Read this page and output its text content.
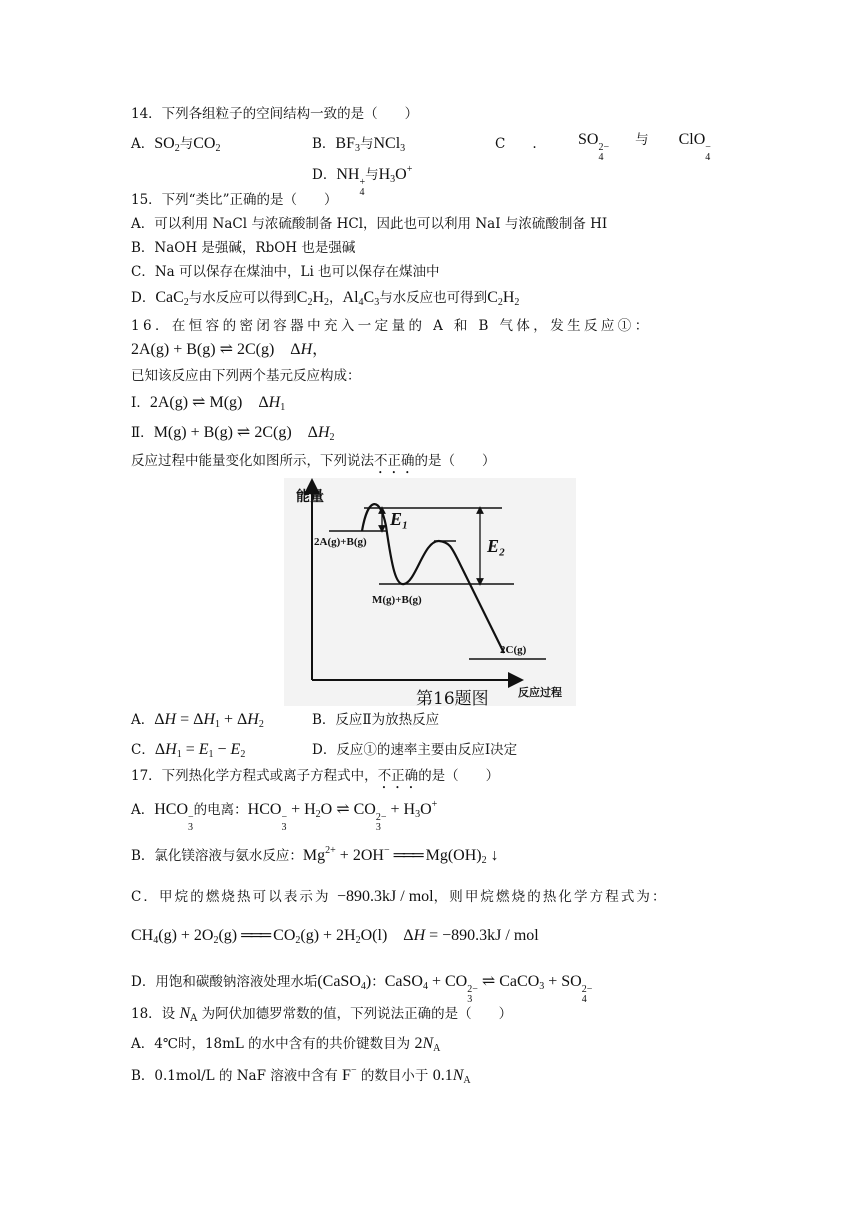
14．下列各组粒子的空间结构一致的是（　　）
A．$SO_2$与$CO_2$	B．$BF_3$与NCl$_3$	C　　.	SO 2−
4
与 ClO −
4
D．NH +
4
与$H_3O^+$
15．下列“类比”正确的是（　　）
A．可以利用 NaCl 与浓硫酸制备 HCl，因此也可以利用 NaI 与浓硫酸制备 HI
B．NaOH 是强碱，RbOH 也是强碱
C．Na 可以保存在煤油中，Li 也可以保存在煤油中
D．CaC$_2$与水反应可以得到$C_2H_2$，$Al_4C_3$与水反应也可得到$C_2H_2$
16．在恒容的密闭容器中充入一定量的 A 和 B 气体，发生反应①：
2A(g) + B(g) ⇌ 2C(g)　ΔH，
已知该反应由下列两个基元反应构成：
Ⅰ．2A(g) ⇌ M(g)　$\Delta H_1$
Ⅱ．M(g) + B(g) ⇌ 2C(g)　$\Delta H_2$
反应过程中能量变化如图所示，下列说法不正确的是（　　）
能量
2A(g)+B(g)
M(g)+B(g)
2C(g)
E₁
E₂
第16题图	反应过程
A．$\Delta H = \Delta H_1 + \Delta H_2$	B．反应Ⅱ为放热反应
C．$\Delta H_1 = E_1 - E_2$	D．反应①的速率主要由反应Ⅰ决定
17．下列热化学方程式或离子方程式中，不正确的是（　　）
A．HCO −
3
的电离：HCO −
3
+ $H_2O$ ⇌ CO 2−
3
+ $H_3O^+$
B．氯化镁溶液与氨水反应：$Mg^{2+} + 2OH^-$ ═══ $Mg(OH)_2$ ↓
C．甲烷的燃烧热可以表示为 −890.3kJ / mol，则甲烷燃烧的热化学方程式为：
$CH_4(g) + 2O_2(g)$ ═══ $CO_2(g) + 2H_2O(l)$　ΔH = −890.3kJ / mol
D．用饱和碳酸钠溶液处理水垢(CaSO$_4$)：CaSO$_4$ + CO 2−
3
⇌ CaCO$_3$ + SO 2−
4
18．设 $N_A$ 为阿伏加德罗常数的值，下列说法正确的是（　　）
A．4℃时，18mL 的水中含有的共价键数目为 $2N_A$
B．0.1mol/L 的 NaF 溶液中含有 F− 的数目小于 $0.1N_A$
